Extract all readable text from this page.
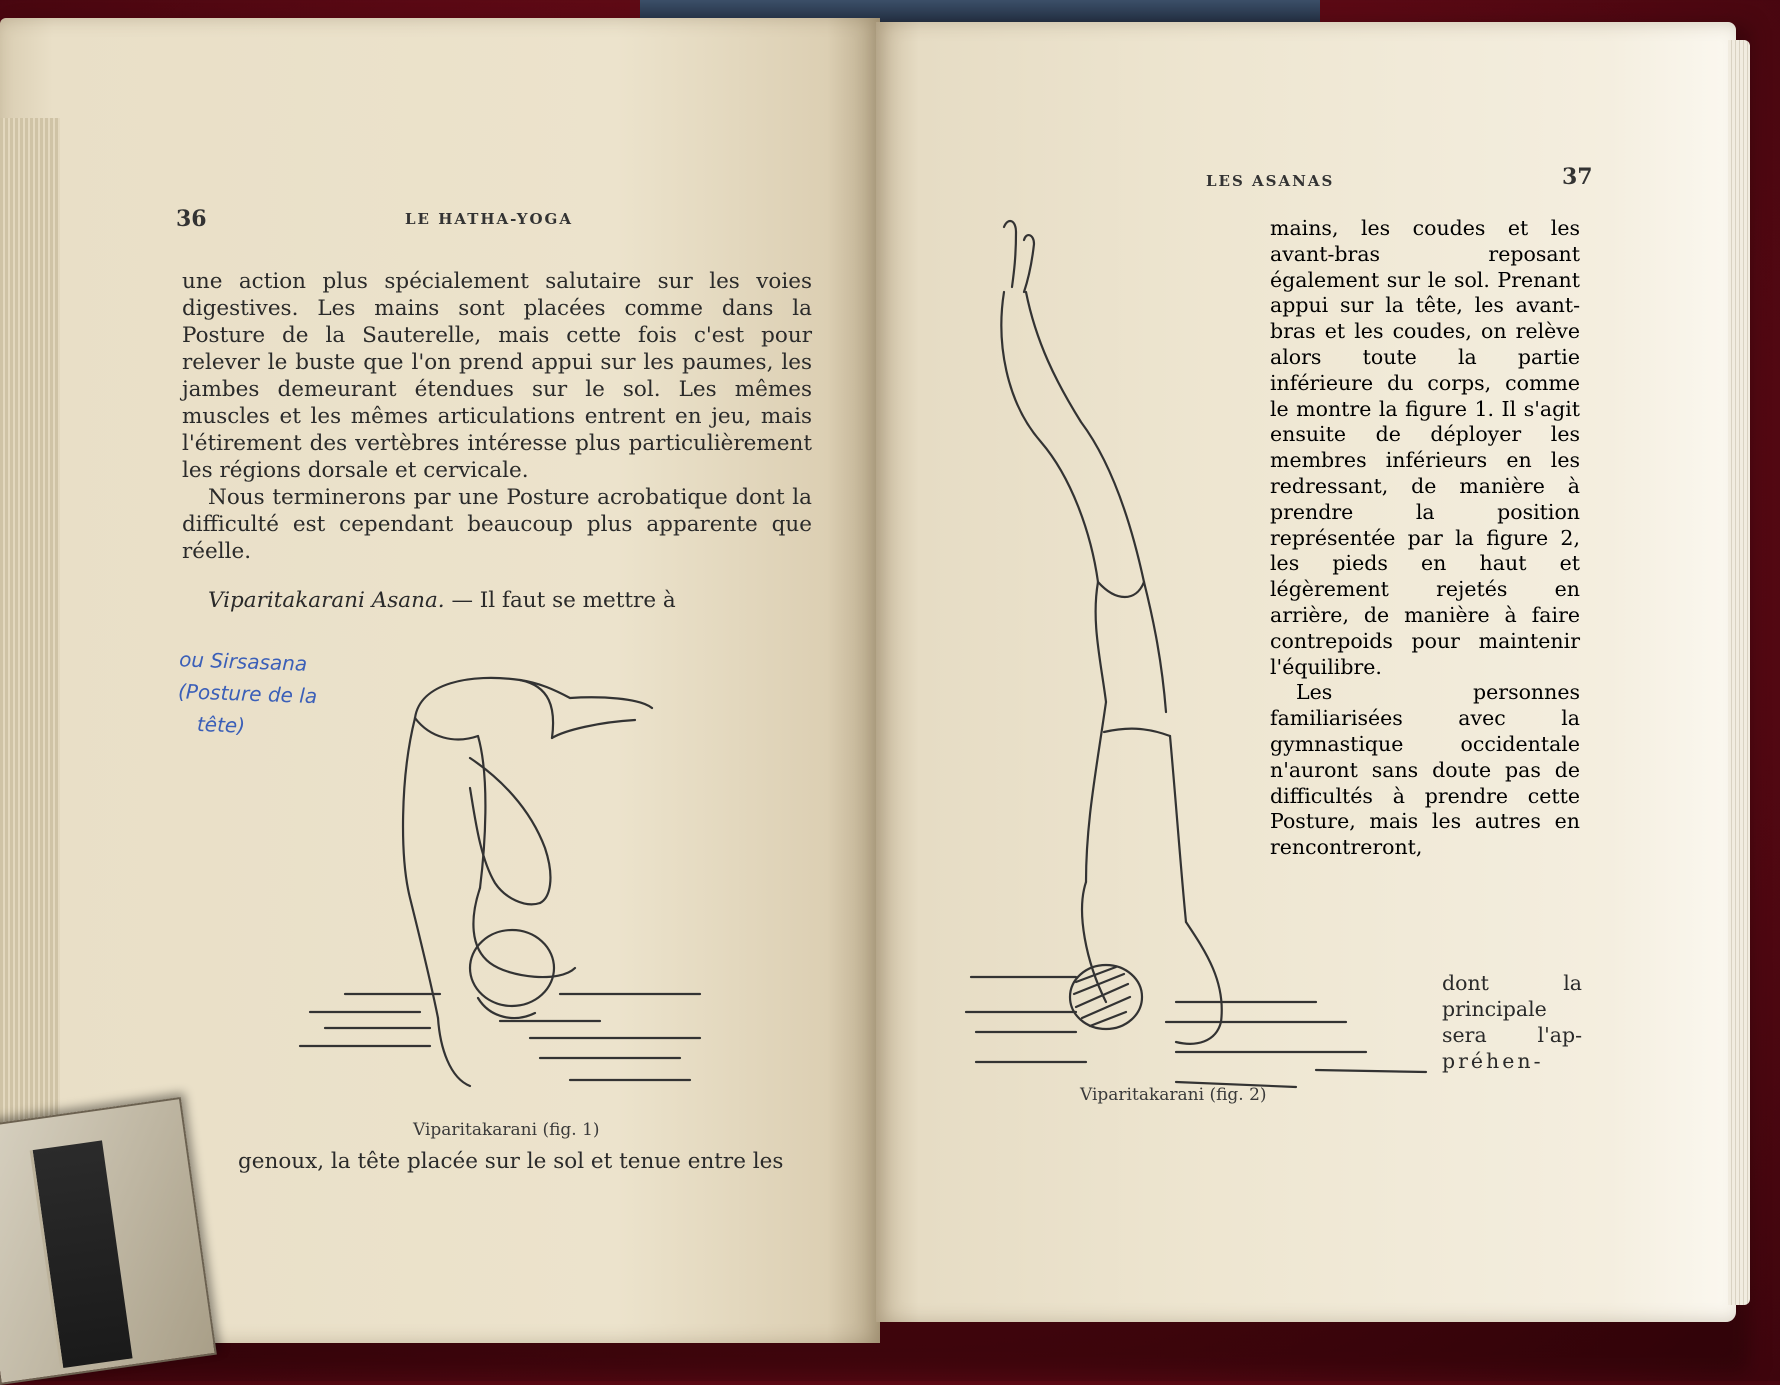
36	LE HATHA-YOGA

une action plus spécialement salutaire sur les voies digestives. Les mains sont placées comme dans la Posture de la Sauterelle, mais cette fois c'est pour relever le buste que l'on prend appui sur les paumes, les jambes demeurant étendues sur le sol. Les mêmes muscles et les mêmes articulations entrent en jeu, mais l'étirement des vertèbres intéresse plus particulièrement les régions dorsale et cervicale.

Nous terminerons par une Posture acrobatique dont la difficulté est cependant beaucoup plus apparente que réelle.

Viparitakarani Asana. — Il faut se mettre à

ou Sirsasana
(Posture de la
tête)
Viparitakarani (fig. 1)

genoux, la tête placée sur le sol et tenue entre les

LES ASANAS	37
Viparitakarani (fig. 2)

mains, les coudes et les avant-bras reposant également sur le sol. Prenant appui sur la tête, les avant-bras et les coudes, on relève alors toute la partie inférieure du corps, comme le montre la figure 1. Il s'agit ensuite de déployer les membres inférieurs en les redressant, de manière à prendre la position représentée par la figure 2, les pieds en haut et légèrement rejetés en arrière, de manière à faire contrepoids pour maintenir l'équilibre.

Les personnes familiarisées avec la gymnastique occidentale n'auront sans doute pas de difficultés à prendre cette Posture, mais les autres en rencontreront,

dont la
principale
sera l'ap-
préhen-
